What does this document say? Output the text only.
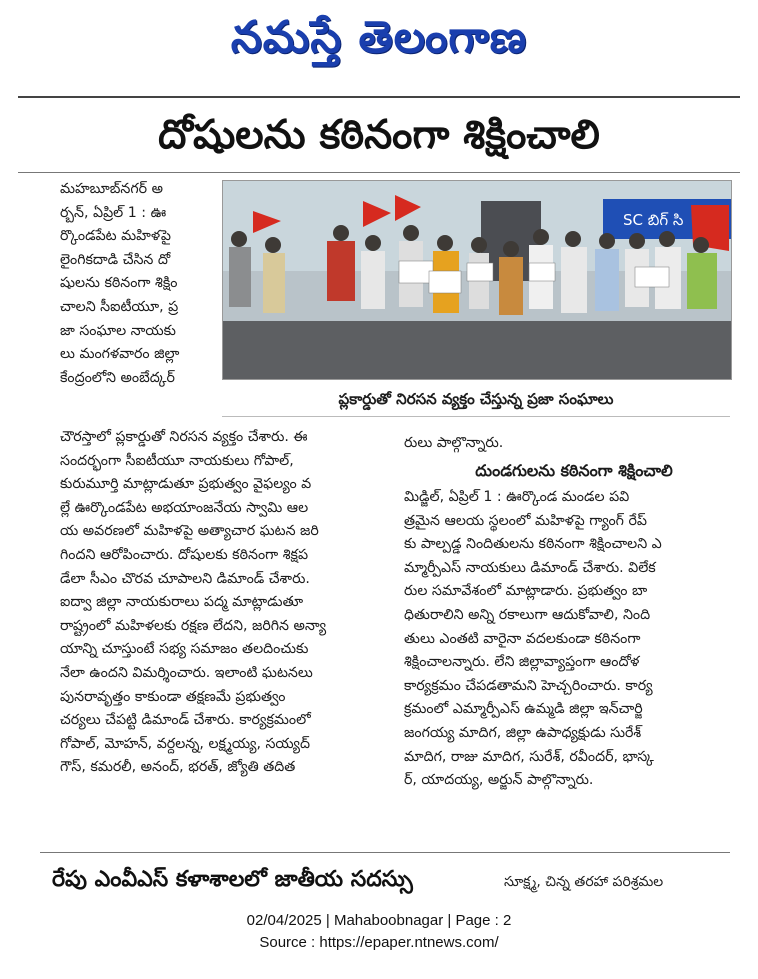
నమస్తే తెలంగాణ
దోషులను కఠినంగా శిక్షించాలి

మహబూబ్‌నగర్ అ

ర్బన్, ఏప్రిల్ 1 : ఊ

ర్కొండపేట మహిళపై

లైంగికదాడి చేసిన దో

షులను కఠినంగా శిక్షిం

చాలని సీఐటీయూ, ప్ర

జా సంఘాల నాయకు

లు మంగళవారం జిల్లా

కేంద్రంలోని అంబేద్కర్

SC బిగ్ సి
ప్లకార్డుతో నిరసన వ్యక్తం చేస్తున్న ప్రజా సంఘాలు

చౌరస్తాలో ప్లకార్డుతో నిరసన వ్యక్తం చేశారు. ఈ

సందర్భంగా సీఐటీయూ నాయకులు గోపాల్,

కురుమూర్తి మాట్లాడుతూ ప్రభుత్వం వైఫల్యం వ

ల్లే ఊర్కొండపేట అభయాంజనేయ స్వామి ఆల

య అవరణలో మహిళపై అత్యాచార ఘటన జరి

గిందని ఆరోపించారు. దోషులకు కఠినంగా శిక్షప

డేలా సీఎం చొరవ చూపాలని డిమాండ్ చేశారు.

ఐద్వా జిల్లా నాయకురాలు పద్మ మాట్లాడుతూ

రాష్ట్రంలో మహిళలకు రక్షణ లేదని, జరిగిన అన్యా

యాన్ని చూస్తుంటే సభ్య సమాజం తలదించుకు

నేలా ఉందని విమర్శించారు. ఇలాంటి ఘటనలు

పునరావృత్తం కాకుండా తక్షణమే ప్రభుత్వం

చర్యలు చేపట్టి డిమాండ్ చేశారు. కార్యక్రమంలో

గోపాల్, మోహన్, వర్దలన్న, లక్ష్మయ్య, సయ్యద్

గౌస్, కమరలీ, అనంద్, భరత్, జ్యోతి తదిత

రులు పాల్గొన్నారు.

దుండగులను కఠినంగా శిక్షించాలి

మిడ్జిల్, ఏప్రిల్ 1 : ఊర్కొండ మండల పవి

త్రమైన ఆలయ స్థలంలో మహిళపై గ్యాంగ్ రేప్

కు పాల్పడ్డ నిందితులను కఠినంగా శిక్షించాలని ఎ

మ్మార్పీఎస్ నాయకులు డిమాండ్ చేశారు. విలేక

రుల సమావేశంలో మాట్లాడారు. ప్రభుత్వం బా

ధితురాలిని అన్ని రకాలుగా ఆదుకోవాలి, నింది

తులు ఎంతటి వారైనా వదలకుండా కఠినంగా

శిక్షించాలన్నారు. లేని జిల్లావ్యాప్తంగా ఆందోళ

కార్యక్రమం చేపడతామని హెచ్చరించారు. కార్య

క్రమంలో ఎమ్మార్పీఎస్ ఉమ్మడి జిల్లా ఇన్‌చార్జి

జంగయ్య మాదిగ, జిల్లా ఉపాధ్యక్షుడు సురేశ్

మాదిగ, రాజు మాదిగ, సురేశ్, రవీందర్, భాస్క

ర్, యాదయ్య, అర్జున్ పాల్గొన్నారు.

రేపు ఎంవీఎస్ కళాశాలలో జాతీయ సదస్సు	సూక్ష్మ, చిన్న తరహా పరిశ్రమల
02/04/2025 | Mahaboobnagar | Page : 2
Source : https://epaper.ntnews.com/
